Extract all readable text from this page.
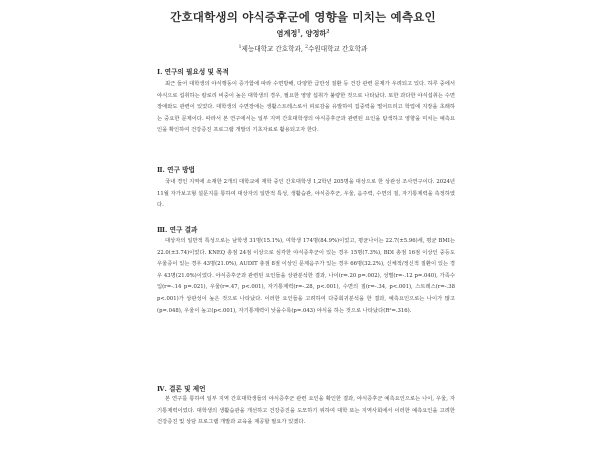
간호대학생의 야식증후군에 영향을 미치는 예측요인
염계정$^1$, 양정하$^2$
$^1$제능대학교 간호학과, $^2$수원대학교 간호학과
Ⅰ. 연구의 필요성 및 목적
최근 들어 대학생의 야식행동이 증가함에 따라 수면방해, 다양한 급만성 질환 등 건강 관련 문제가 우려되고 있다. 하루 중에서 야식으로 섭취하는 칼로리 비중이 높은 대학생의 경우, 필요한 영양 섭취가 불량한 것으로 나타났다. 또한 과다한 야식섭취는 수면장애와도 관련이 있었다. 대학생의 수면장애는 생활스트레스로서 피로감을 유발하여 집중력을 떨어뜨리고 학업에 지장을 초래하는 중요한 문제이다. 따라서 본 연구에서는 일부 지역 간호대학생의 야식증후군과 관련된 요인을 탐색하고 영향을 미치는 예측요인을 확인하여 건강증진 프로그램 개발의 기초자료로 활용되고자 한다.
Ⅱ. 연구 방법
국내 경인 지역에 소재한 2개의 대학교에 재학 중인 간호대학생 1,2학년 205명을 대상으로 한 상관성 조사연구이다. 2024년 11월 자가보고형 설문지를 통하여 대상자의 일반적 특성, 생활습관, 야식증후군, 우울, 음주력, 수면의 질, 자기통제력을 측정하였다.
Ⅲ. 연구 결과
대상자의 일반적 특성으로는 남학생 31명(15.1%), 여학생 174명(84.9%)이었고, 평균나이는 22.7(±5.96)세, 평균 BMI는 22.0(±3.74)이었다. KNEQ 총점 24점 이상으로 심각한 야식증후군이 있는 경우 15명(7.3%), BDI 총점 16점 이상인 중등도 우울증이 있는 경우 43명(21.0%), AUDIT 총점 8점 이상인 문제음주가 있는 경우 66명(32.2%), 신체적/정신적 질환이 있는 경우 43명(21.0%)이었다. 야식증후군과 관련된 요인들을 상관분석한 결과, 나이(r=.20 p=.002), 성별(r=-.12 p=.040), 가족수입(r=-.14 p=.021), 우울(r=.47, p<.001), 자기통제력(r=-.28, p<.001), 수면의 질(r=-.34, p<.001), 스트레스(r=-.38 p<.001)가 상관성이 높은 것으로 나타났다. 이러한 요인들을 고려하여 다중회귀분석을 한 결과, 예측요인으로는 나이가 많고(p=.048), 우울이 높고(p<.001), 자기통제력이 낮을수록(p=.043) 야식을 하는 것으로 나타났다(R²=.316).
Ⅳ. 결론 및 제언
본 연구를 통하여 일부 지역 간호대학생들의 야식증후군 관련 요인을 확인한 결과, 야식증후군 예측요인으로는 나이, 우울, 자기통제력이었다. 대학생의 생활습관을 개선하고 건강증진을 도모하기 위하여 대학 또는 지역사회에서 이러한 예측요인을 고려한 건강증진 및 상담 프로그램 개발과 교육을 제공할 필요가 있겠다.
